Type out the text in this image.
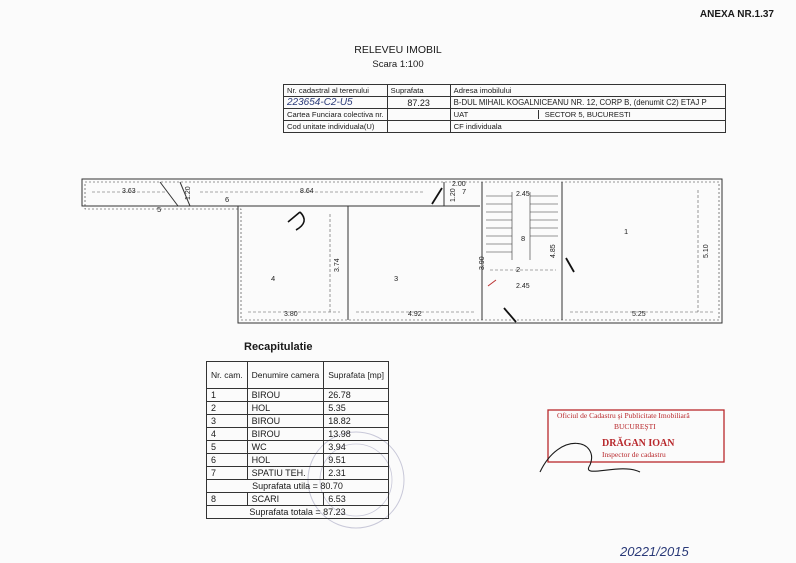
ANEXA NR.1.37
RELEVEU IMOBIL
Scara 1:100
Nr. cadastral al terenului	Suprafata	Adresa imobilului
223654-C2-U5	87.23	B-DUL MIHAIL KOGALNICEANU NR. 12, CORP B, (denumit C2) ETAJ P
Cartea Funciara colectiva nr.		UAT SECTOR 5, BUCURESTI
Cod unitate individuala(U)		CF individuala
3.63	1.20	8.64
2.00
1.20	2.45
4.85	5.10
3.74	3.90
2.45
3.80	4.92	5.25
1
2
3
4
5
6
7
8
Oficiul de Cadastru şi Publicitate Imobiliară
BUCUREŞTI
DRĂGAN IOAN
Inspector de cadastru
20221/2015
Recapitulatie
Nr. cam.	Denumire camera	Suprafata [mp]
1	BIROU	26.78
2	HOL	5.35
3	BIROU	18.82
4	BIROU	13.98
5	WC	3.94
6	HOL	9.51
7	SPATIU TEH.	2.31
Suprafata utila = 80.70		
8	SCARI	6.53
Suprafata totala = 87.23		
